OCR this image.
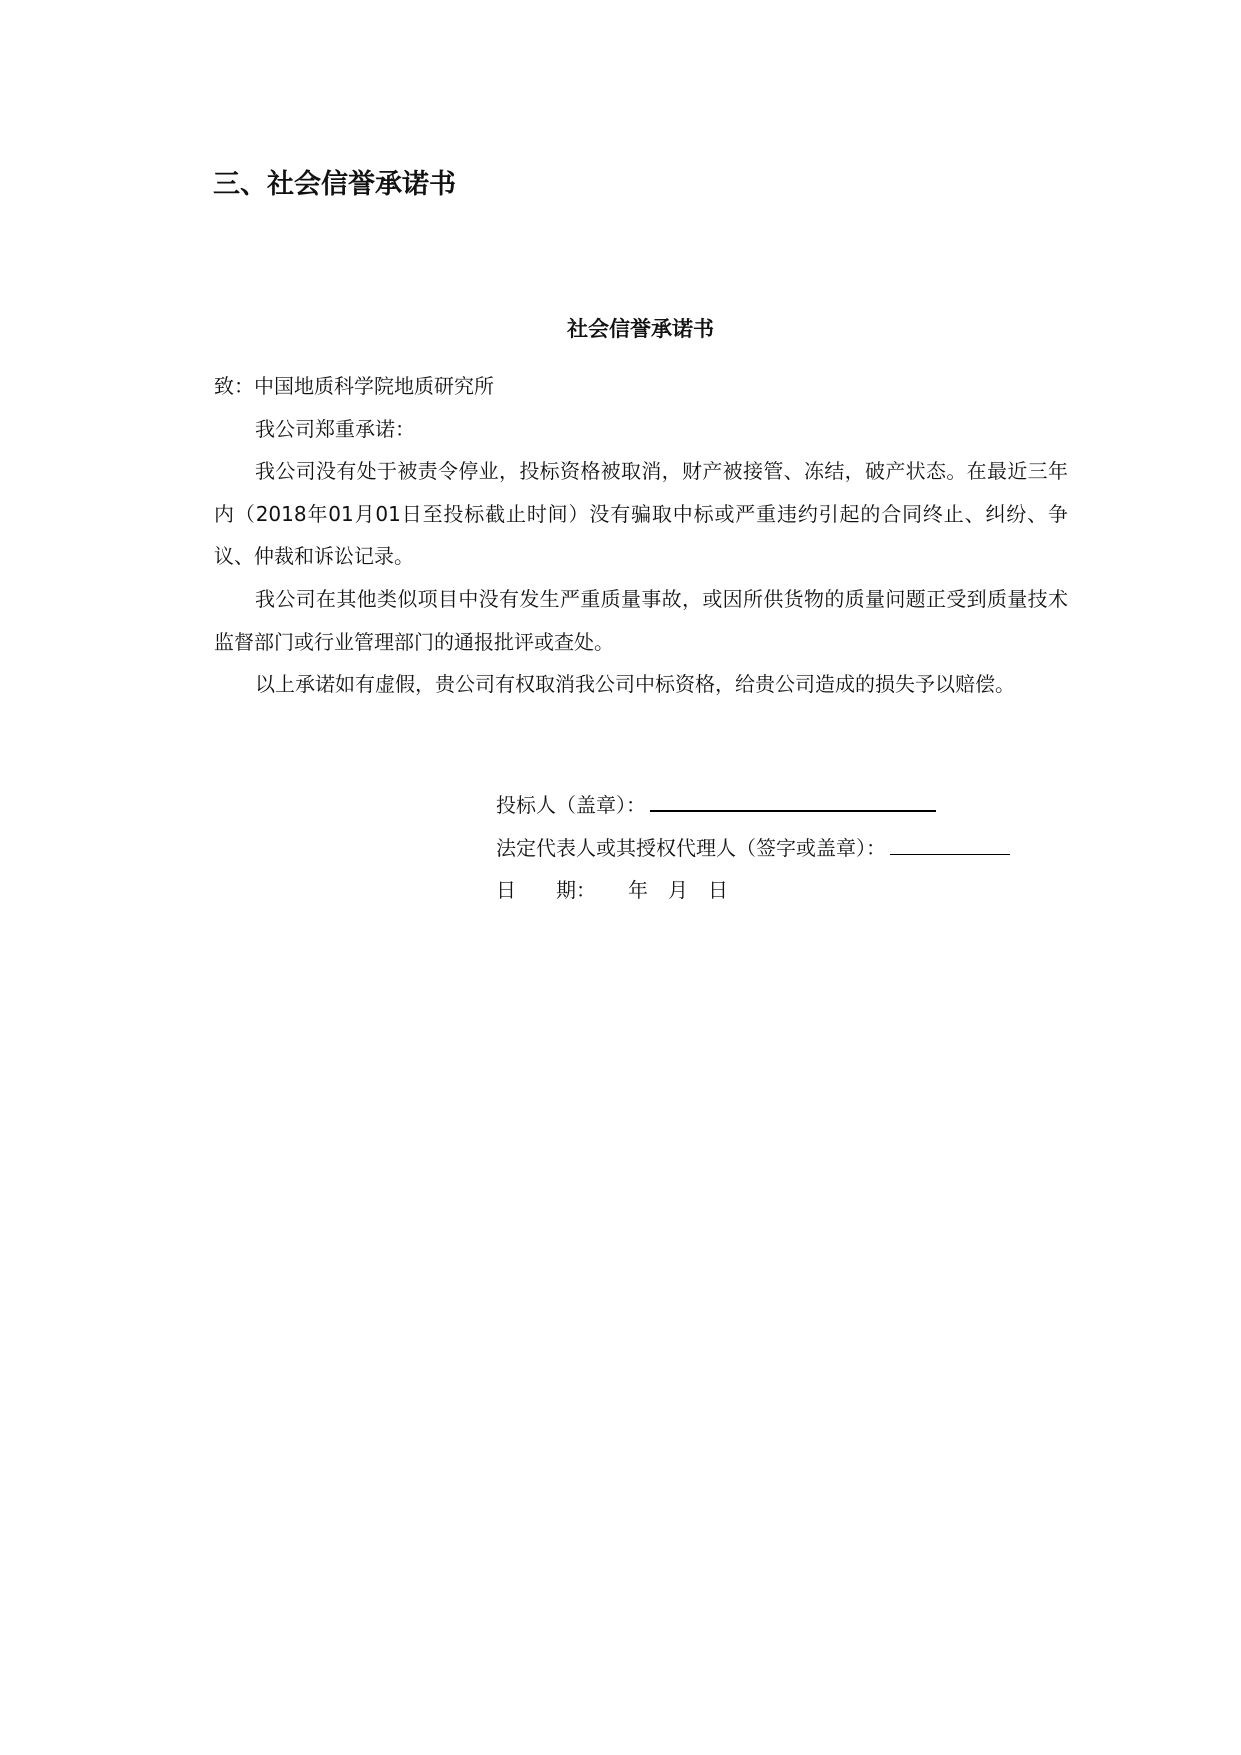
三、社会信誉承诺书
社会信誉承诺书

致：中国地质科学院地质研究所

我公司郑重承诺：

我公司没有处于被责令停业，投标资格被取消，财产被接管、冻结，破产状态。在最近三年内（2018年01月01日至投标截止时间）没有骗取中标或严重违约引起的合同终止、纠纷、争议、仲裁和诉讼记录。

我公司在其他类似项目中没有发生严重质量事故，或因所供货物的质量问题正受到质量技术监督部门或行业管理部门的通报批评或查处。

以上承诺如有虚假，贵公司有权取消我公司中标资格，给贵公司造成的损失予以赔偿。

投标人（盖章）：
法定代表人或其授权代理人（签字或盖章）：
日　　期： 年 月 日
